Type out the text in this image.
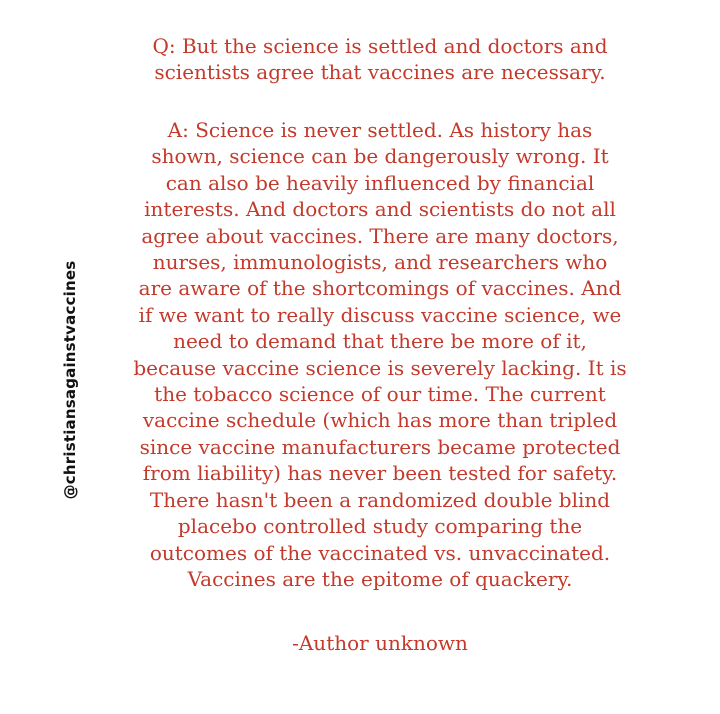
@christiansagainstvaccines
Q: But the science is settled and doctors and
scientists agree that vaccines are necessary.
A: Science is never settled. As history has
shown, science can be dangerously wrong. It
can also be heavily influenced by financial
interests. And doctors and scientists do not all
agree about vaccines. There are many doctors,
nurses, immunologists, and researchers who
are aware of the shortcomings of vaccines. And
if we want to really discuss vaccine science, we
need to demand that there be more of it,
because vaccine science is severely lacking. It is
the tobacco science of our time. The current
vaccine schedule (which has more than tripled
since vaccine manufacturers became protected
from liability) has never been tested for safety.
There hasn't been a randomized double blind
placebo controlled study comparing the
outcomes of the vaccinated vs. unvaccinated.
Vaccines are the epitome of quackery.
-Author unknown
